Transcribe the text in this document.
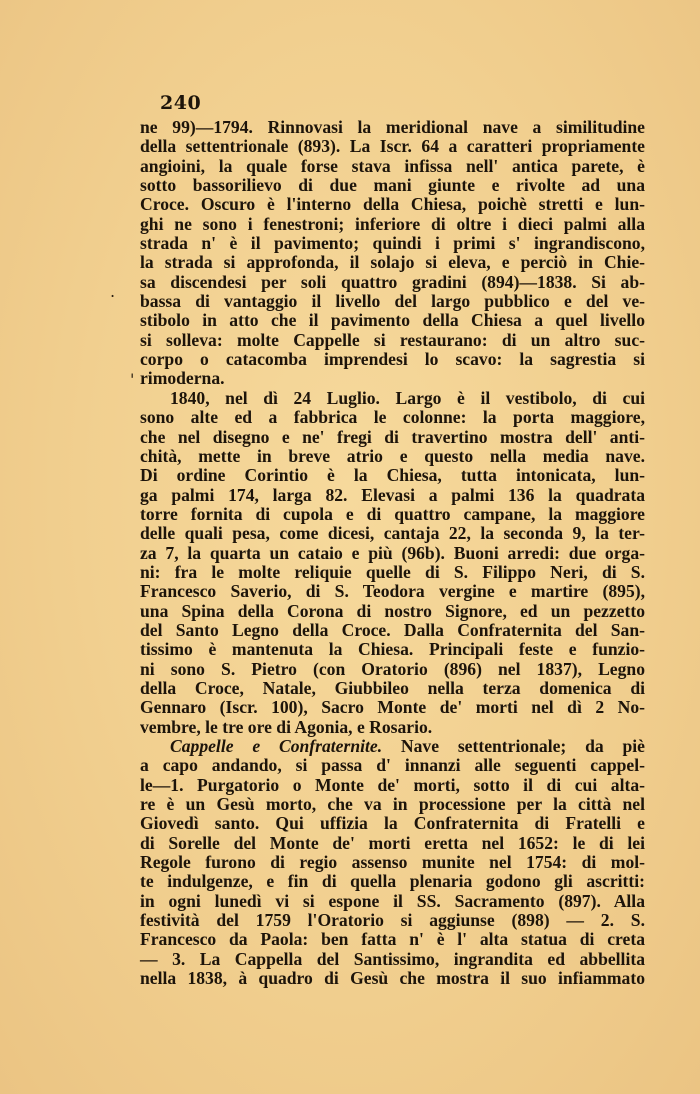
240
.
'
ne 99)—1794. Rinnovasi la meridional nave a similitudine
della settentrionale (893). La Iscr. 64 a caratteri propriamente
angioini, la quale forse stava infissa nell' antica parete, è
sotto bassorilievo di due mani giunte e rivolte ad una
Croce. Oscuro è l'interno della Chiesa, poichè stretti e lun-
ghi ne sono i fenestroni; inferiore di oltre i dieci palmi alla
strada n' è il pavimento; quindi i primi s' ingrandiscono,
la strada si approfonda, il solajo si eleva, e perciò in Chie-
sa discendesi per soli quattro gradini (894)—1838. Si ab-
bassa di vantaggio il livello del largo pubblico e del ve-
stibolo in atto che il pavimento della Chiesa a quel livello
si solleva: molte Cappelle si restaurano: di un altro suc-
corpo o catacomba imprendesi lo scavo: la sagrestia si
rimoderna.
1840, nel dì 24 Luglio. Largo è il vestibolo, di cui
sono alte ed a fabbrica le colonne: la porta maggiore,
che nel disegno e ne' fregi di travertino mostra dell' anti-
chità, mette in breve atrio e questo nella media nave.
Di ordine Corintio è la Chiesa, tutta intonicata, lun-
ga palmi 174, larga 82. Elevasi a palmi 136 la quadrata
torre fornita di cupola e di quattro campane, la maggiore
delle quali pesa, come dicesi, cantaja 22, la seconda 9, la ter-
za 7, la quarta un cataio e più (96b). Buoni arredi: due orga-
ni: fra le molte reliquie quelle di S. Filippo Neri, di S.
Francesco Saverio, di S. Teodora vergine e martire (895),
una Spina della Corona di nostro Signore, ed un pezzetto
del Santo Legno della Croce. Dalla Confraternita del San-
tissimo è mantenuta la Chiesa. Principali feste e funzio-
ni sono S. Pietro (con Oratorio (896) nel 1837), Legno
della Croce, Natale, Giubbileo nella terza domenica di
Gennaro (Iscr. 100), Sacro Monte de' morti nel dì 2 No-
vembre, le tre ore di Agonia, e Rosario.
Cappelle e Confraternite. Nave settentrionale; da piè
a capo andando, si passa d' innanzi alle seguenti cappel-
le—1. Purgatorio o Monte de' morti, sotto il di cui alta-
re è un Gesù morto, che va in processione per la città nel
Giovedì santo. Qui uffizia la Confraternita di Fratelli e
di Sorelle del Monte de' morti eretta nel 1652: le di lei
Regole furono di regio assenso munite nel 1754: di mol-
te indulgenze, e fin di quella plenaria godono gli ascritti:
in ogni lunedì vi si espone il SS. Sacramento (897). Alla
festività del 1759 l'Oratorio si aggiunse (898) — 2. S.
Francesco da Paola: ben fatta n' è l' alta statua di creta
— 3. La Cappella del Santissimo, ingrandita ed abbellita
nella 1838, à quadro di Gesù che mostra il suo infiammato
